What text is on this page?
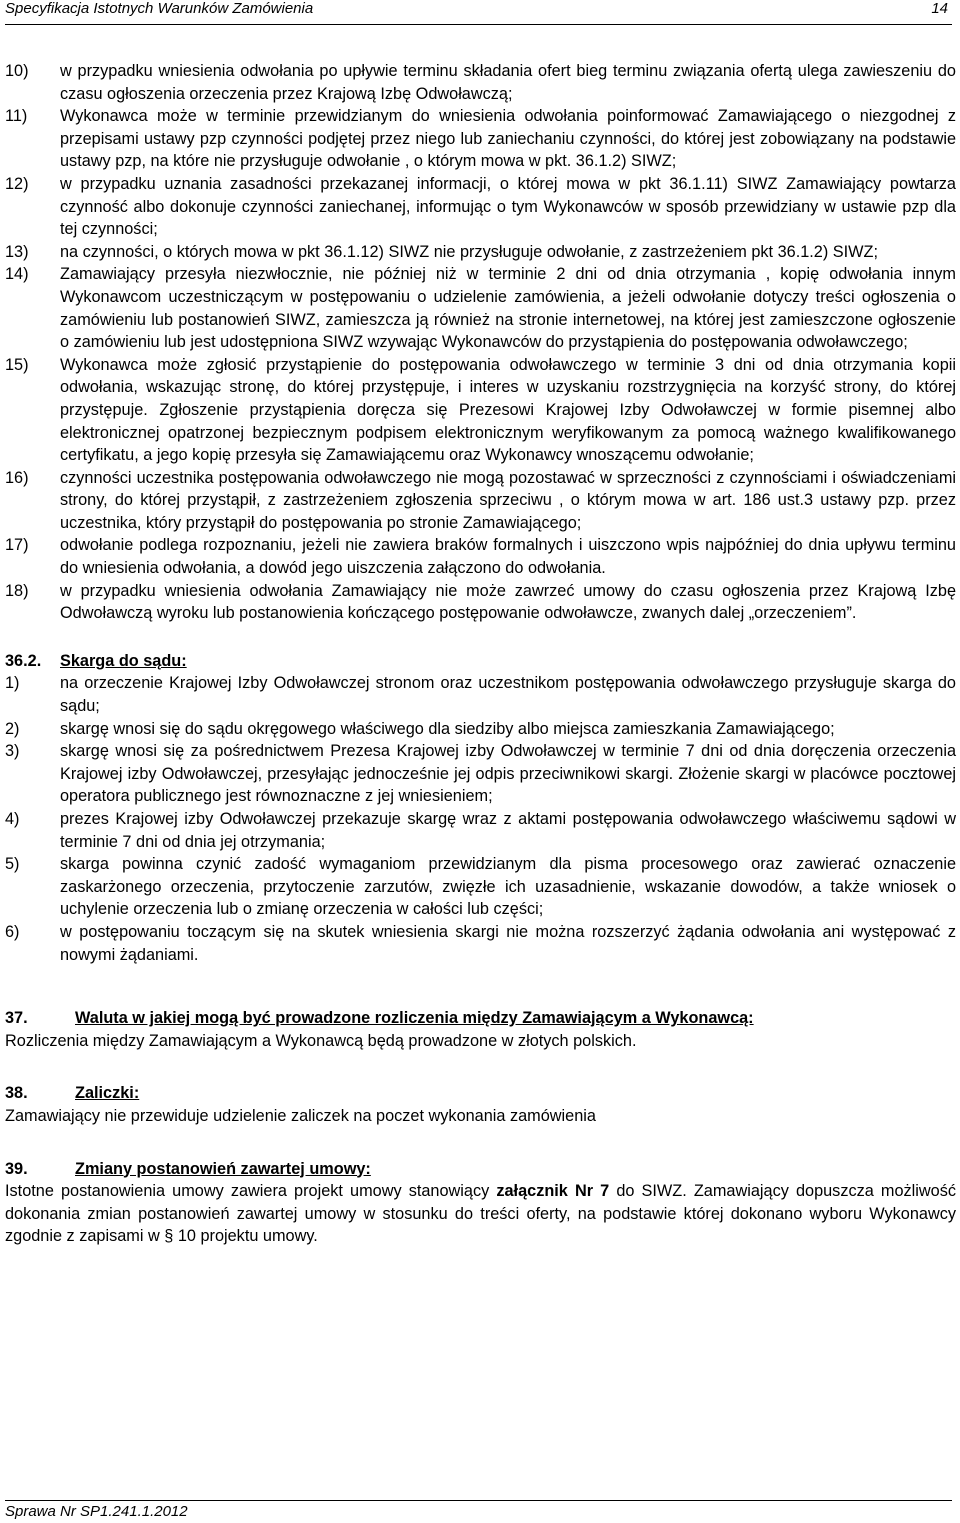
Specyfikacja Istotnych Warunków Zamówienia	14
10)	w przypadku wniesienia odwołania po upływie terminu składania ofert bieg terminu związania ofertą ulega zawieszeniu do czasu ogłoszenia orzeczenia przez Krajową Izbę Odwoławczą;
11)	Wykonawca może w terminie przewidzianym do wniesienia odwołania poinformować Zamawiającego o niezgodnej z przepisami ustawy pzp czynności podjętej przez niego lub zaniechaniu czynności, do której jest zobowiązany na podstawie ustawy pzp, na które nie przysługuje odwołanie , o którym mowa w pkt. 36.1.2) SIWZ;
12)	w przypadku uznania zasadności przekazanej informacji, o której mowa w pkt 36.1.11) SIWZ Zamawiający powtarza czynność albo dokonuje czynności zaniechanej, informując o tym Wykonawców w sposób przewidziany w ustawie pzp dla tej czynności;
13)	na czynności, o których mowa w pkt 36.1.12) SIWZ nie przysługuje odwołanie, z zastrzeżeniem pkt 36.1.2) SIWZ;
14)	Zamawiający przesyła niezwłocznie, nie później niż w terminie 2 dni od dnia otrzymania , kopię odwołania innym Wykonawcom uczestniczącym w postępowaniu o udzielenie zamówienia, a jeżeli odwołanie dotyczy treści ogłoszenia o zamówieniu lub postanowień SIWZ, zamieszcza ją również na stronie internetowej, na której jest zamieszczone ogłoszenie o zamówieniu lub jest udostępniona SIWZ wzywając Wykonawców do przystąpienia do postępowania odwoławczego;
15)	Wykonawca może zgłosić przystąpienie do postępowania odwoławczego w terminie 3 dni od dnia otrzymania kopii odwołania, wskazując stronę, do której przystępuje, i interes w uzyskaniu rozstrzygnięcia na korzyść strony, do której przystępuje. Zgłoszenie przystąpienia doręcza się Prezesowi Krajowej Izby Odwoławczej w formie pisemnej albo elektronicznej opatrzonej bezpiecznym podpisem elektronicznym weryfikowanym za pomocą ważnego kwalifikowanego certyfikatu, a jego kopię przesyła się Zamawiającemu oraz Wykonawcy wnoszącemu odwołanie;
16)	czynności uczestnika postępowania odwoławczego nie mogą pozostawać w sprzeczności z czynnościami i oświadczeniami strony, do której przystąpił, z zastrzeżeniem zgłoszenia sprzeciwu , o którym mowa w art. 186 ust.3 ustawy pzp. przez uczestnika, który przystąpił do postępowania po stronie Zamawiającego;
17)	odwołanie podlega rozpoznaniu, jeżeli nie zawiera braków formalnych i uiszczono wpis najpóźniej do dnia upływu terminu do wniesienia odwołania, a dowód jego uiszczenia załączono do odwołania.
18)	w przypadku wniesienia odwołania Zamawiający nie może zawrzeć umowy do czasu ogłoszenia przez Krajową Izbę Odwoławczą wyroku lub postanowienia kończącego postępowanie odwoławcze, zwanych dalej „orzeczeniem”.
36.2.	Skarga do sądu:
1)	na orzeczenie Krajowej Izby Odwoławczej stronom oraz uczestnikom postępowania odwoławczego przysługuje skarga do sądu;
2)	skargę wnosi się do sądu okręgowego właściwego dla siedziby albo miejsca zamieszkania Zamawiającego;
3)	skargę wnosi się za pośrednictwem Prezesa Krajowej izby Odwoławczej w terminie 7 dni od dnia doręczenia orzeczenia Krajowej izby Odwoławczej, przesyłając jednocześnie jej odpis przeciwnikowi skargi. Złożenie skargi w placówce pocztowej operatora publicznego jest równoznaczne z jej wniesieniem;
4)	prezes Krajowej izby Odwoławczej przekazuje skargę wraz z aktami postępowania odwoławczego właściwemu sądowi w terminie 7 dni od dnia jej otrzymania;
5)	skarga powinna czynić zadość wymaganiom przewidzianym dla pisma procesowego oraz zawierać oznaczenie zaskarżonego orzeczenia, przytoczenie zarzutów, zwięzłe ich uzasadnienie, wskazanie dowodów, a także wniosek o uchylenie orzeczenia lub o zmianę orzeczenia w całości lub części;
6)	w postępowaniu toczącym się na skutek wniesienia skargi nie można rozszerzyć żądania odwołania ani występować z nowymi żądaniami.
37.	Waluta w jakiej mogą być prowadzone rozliczenia między Zamawiającym a Wykonawcą:
Rozliczenia między Zamawiającym a Wykonawcą będą prowadzone w złotych polskich.
38.	Zaliczki:
Zamawiający nie przewiduje udzielenie zaliczek na poczet wykonania zamówienia
39.	Zmiany postanowień zawartej umowy:
Istotne postanowienia umowy zawiera projekt umowy stanowiący załącznik Nr 7 do SIWZ. Zamawiający dopuszcza możliwość dokonania zmian postanowień zawartej umowy w stosunku do treści oferty, na podstawie której dokonano wyboru Wykonawcy zgodnie z zapisami w § 10 projektu umowy.
Sprawa Nr SP1.241.1.2012
